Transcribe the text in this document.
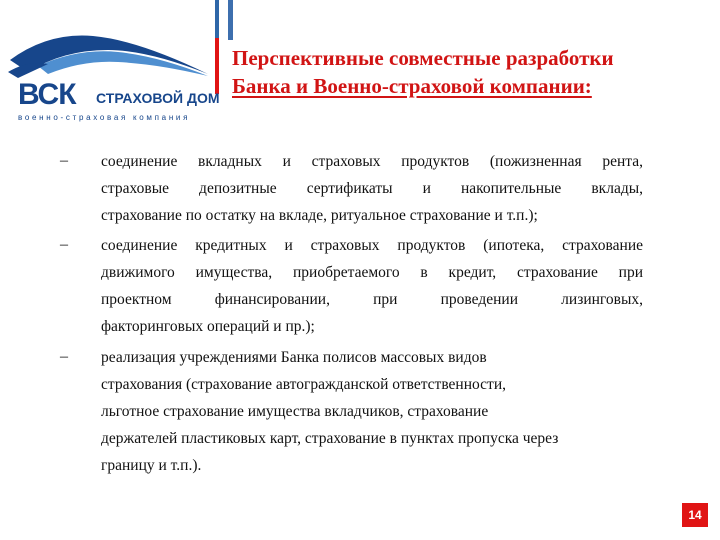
ВСК СТРАХОВОЙ ДОМ
военно-страховая компания
Перспективные совместные разработки
Банка и Военно-страховой компании:
– соединение вкладных и страховых продуктов (пожизненная рента,
страховые депозитные сертификаты и накопительные вклады,
страхование по остатку на вкладе, ритуальное страхование и т.п.);
– соединение кредитных и страховых продуктов (ипотека, страхование
движимого имущества, приобретаемого в кредит, страхование при
проектном финансировании, при проведении лизинговых,
факторинговых операций и пр.);
– реализация учреждениями Банка полисов массовых видов
страхования (страхование автогражданской ответственности,
льготное страхование имущества вкладчиков, страхование
держателей пластиковых карт, страхование в пунктах пропуска через
границу и т.п.).
14
